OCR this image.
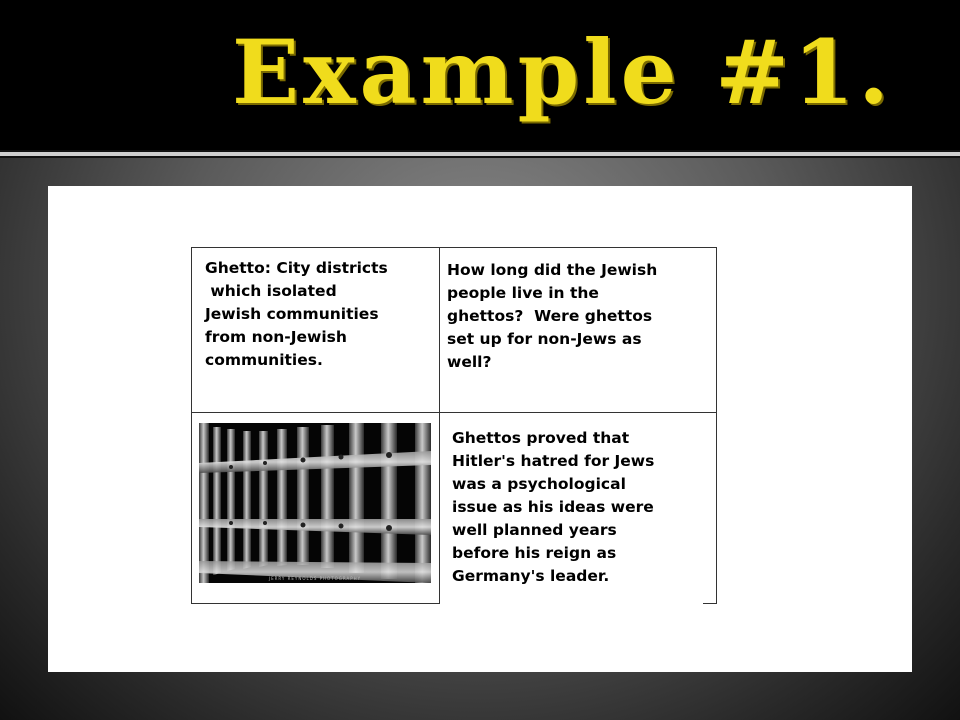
Example #1.
Ghetto: City districts
which isolated
Jewish communities
from non-Jewish
communities.
How long did the Jewish
people live in the
ghettos?  Were ghettos
set up for non-Jews as
well?
JERRY REYNOLDS PHOTOGRAPHY
Ghettos proved that
Hitler's hatred for Jews
was a psychological
issue as his ideas were
well planned years
before his reign as
Germany's leader.
